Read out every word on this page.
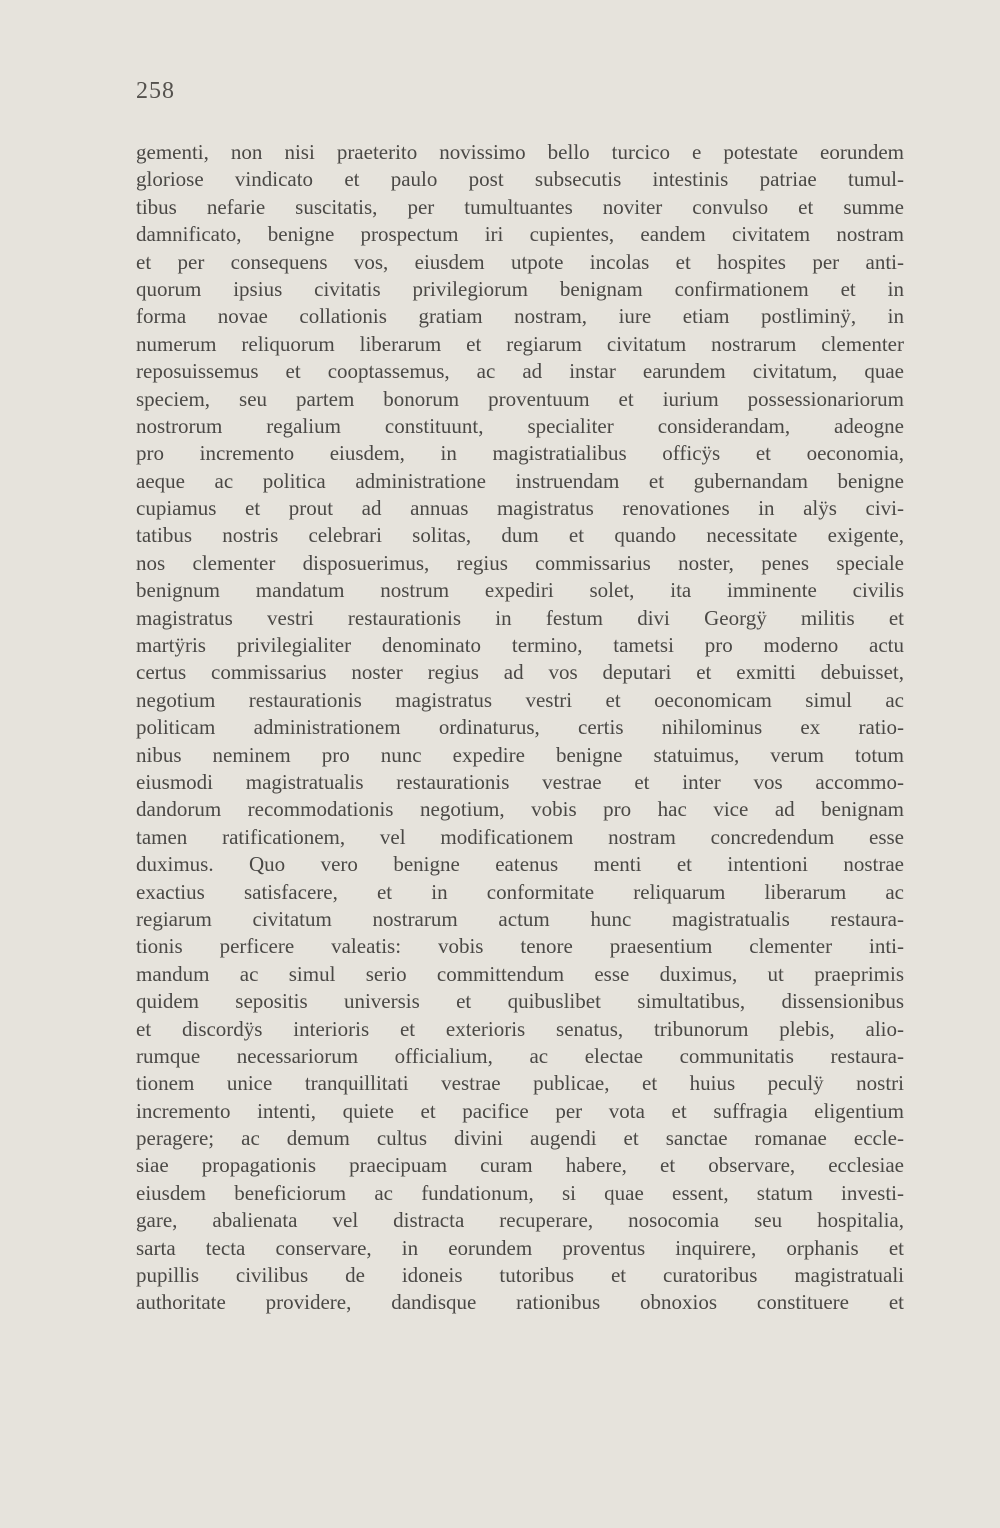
258
gementi, non nisi praeterito novissimo bello turcico e potestate eorundem
gloriose vindicato et paulo post subsecutis intestinis patriae tumul-
tibus nefarie suscitatis, per tumultuantes noviter convulso et summe
damnificato, benigne prospectum iri cupientes, eandem civitatem nostram
et per consequens vos, eiusdem utpote incolas et hospites per anti-
quorum ipsius civitatis privilegiorum benignam confirmationem et in
forma novae collationis gratiam nostram, iure etiam postliminÿ, in
numerum reliquorum liberarum et regiarum civitatum nostrarum clementer
reposuissemus et cooptassemus, ac ad instar earundem civitatum, quae
speciem, seu partem bonorum proventuum et iurium possessionariorum
nostrorum regalium constituunt, specialiter considerandam, adeogne
pro incremento eiusdem, in magistratialibus officÿs et oeconomia,
aeque ac politica administratione instruendam et gubernandam benigne
cupiamus et prout ad annuas magistratus renovationes in alÿs civi-
tatibus nostris celebrari solitas, dum et quando necessitate exigente,
nos clementer disposuerimus, regius commissarius noster, penes speciale
benignum mandatum nostrum expediri solet, ita imminente civilis
magistratus vestri restaurationis in festum divi Georgÿ militis et
martÿris privilegialiter denominato termino, tametsi pro moderno actu
certus commissarius noster regius ad vos deputari et exmitti debuisset,
negotium restaurationis magistratus vestri et oeconomicam simul ac
politicam administrationem ordinaturus, certis nihilominus ex ratio-
nibus neminem pro nunc expedire benigne statuimus, verum totum
eiusmodi magistratualis restaurationis vestrae et inter vos accommo-
dandorum recommodationis negotium, vobis pro hac vice ad benignam
tamen ratificationem, vel modificationem nostram concredendum esse
duximus. Quo vero benigne eatenus menti et intentioni nostrae
exactius satisfacere, et in conformitate reliquarum liberarum ac
regiarum civitatum nostrarum actum hunc magistratualis restaura-
tionis perficere valeatis: vobis tenore praesentium clementer inti-
mandum ac simul serio committendum esse duximus, ut praeprimis
quidem sepositis universis et quibuslibet simultatibus, dissensionibus
et discordÿs interioris et exterioris senatus, tribunorum plebis, alio-
rumque necessariorum officialium, ac electae communitatis restaura-
tionem unice tranquillitati vestrae publicae, et huius peculÿ nostri
incremento intenti, quiete et pacifice per vota et suffragia eligentium
peragere; ac demum cultus divini augendi et sanctae romanae eccle-
siae propagationis praecipuam curam habere, et observare, ecclesiae
eiusdem beneficiorum ac fundationum, si quae essent, statum investi-
gare, abalienata vel distracta recuperare, nosocomia seu hospitalia,
sarta tecta conservare, in eorundem proventus inquirere, orphanis et
pupillis civilibus de idoneis tutoribus et curatoribus magistratuali
authoritate providere, dandisque rationibus obnoxios constituere et
